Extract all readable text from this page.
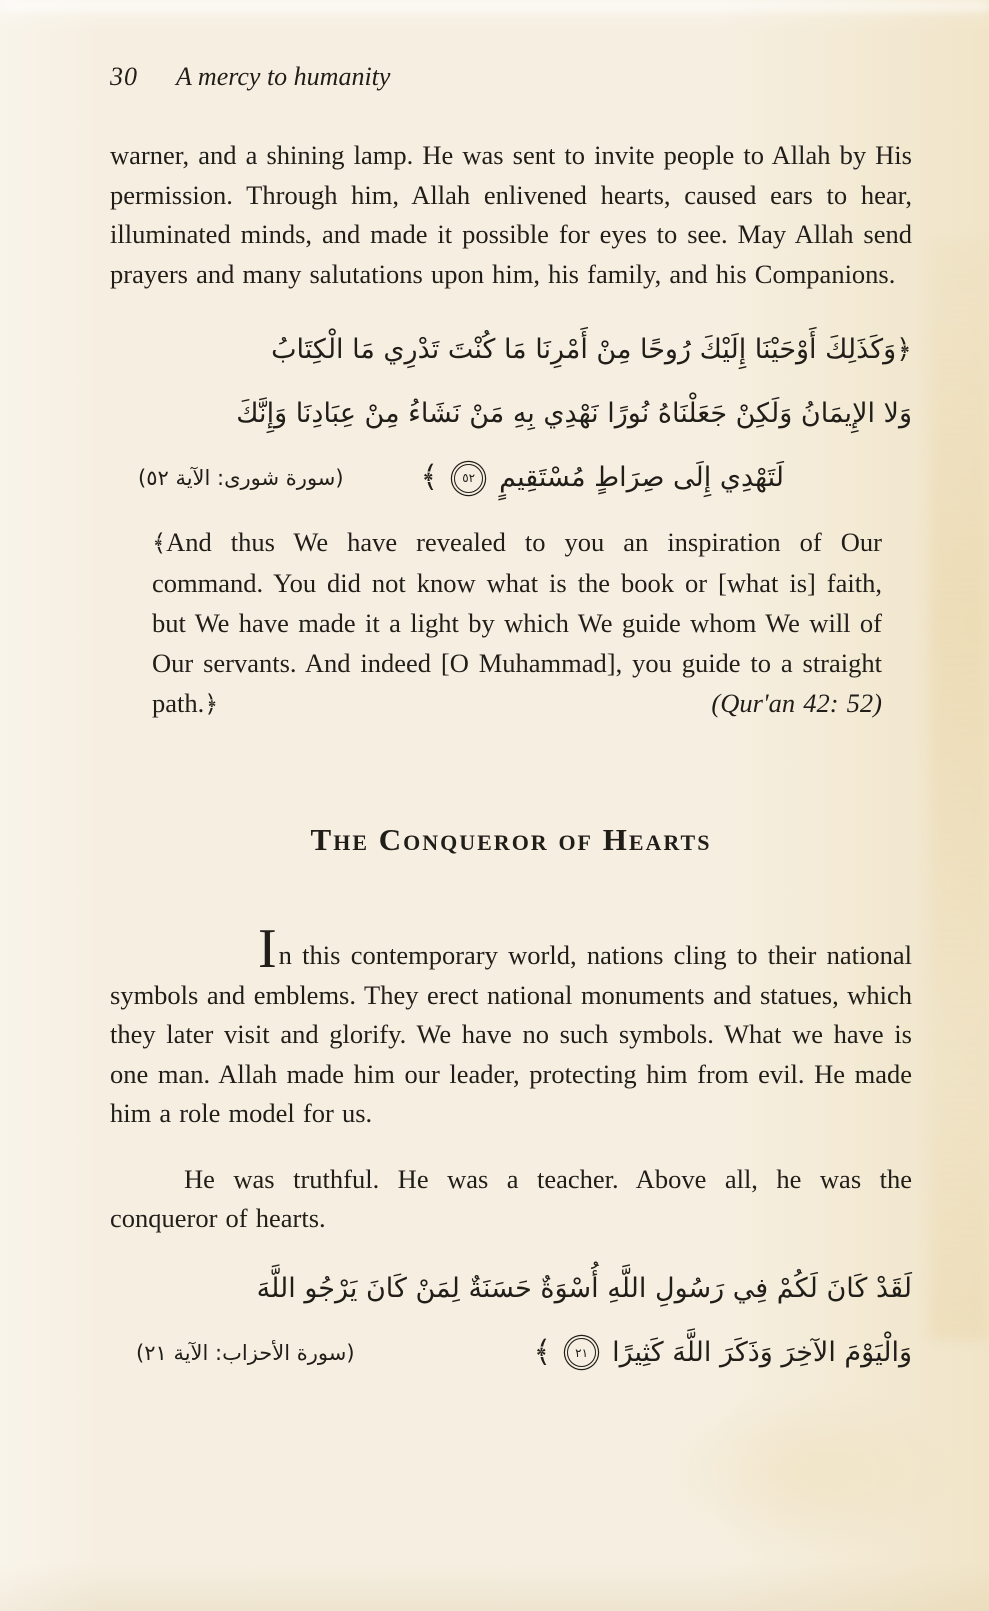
30 A mercy to humanity

warner, and a shining lamp. He was sent to invite people to Allah by His permission. Through him, Allah enlivened hearts, caused ears to hear, illuminated minds, and made it possible for eyes to see. May Allah send prayers and many salutations upon him, his family, and his Companions.

﴿وَكَذَلِكَ أَوْحَيْنَا إِلَيْكَ رُوحًا مِنْ أَمْرِنَا مَا كُنْتَ تَدْرِي مَا الْكِتَابُ
وَلا الإِيمَانُ وَلَكِنْ جَعَلْنَاهُ نُورًا نَهْدِي بِهِ مَنْ نَشَاءُ مِنْ عِبَادِنَا وَإِنَّكَ
لَتَهْدِي إِلَى صِرَاطٍ مُسْتَقِيمٍ
٥٢
﴾
(سورة شورى: الآية ٥٢)

﴾And thus We have revealed to you an inspiration of Our command. You did not know what is the book or [what is] faith, but We have made it a light by which We guide whom We will of Our servants. And indeed [O Muhammad], you guide to a straight path.﴿	(Qur'an 42: 52)

The Conqueror of Hearts

In this contemporary world, nations cling to their national symbols and emblems. They erect national monuments and statues, which they later visit and glorify. We have no such symbols. What we have is one man. Allah made him our leader, protecting him from evil. He made him a role model for us.

He was truthful. He was a teacher. Above all, he was the conqueror of hearts.

لَقَدْ كَانَ لَكُمْ فِي رَسُولِ اللَّهِ أُسْوَةٌ حَسَنَةٌ لِمَنْ كَانَ يَرْجُو اللَّهَ
وَالْيَوْمَ الآخِرَ وَذَكَرَ اللَّهَ كَثِيرًا
٢١
﴾
(سورة الأحزاب: الآية ٢١)
